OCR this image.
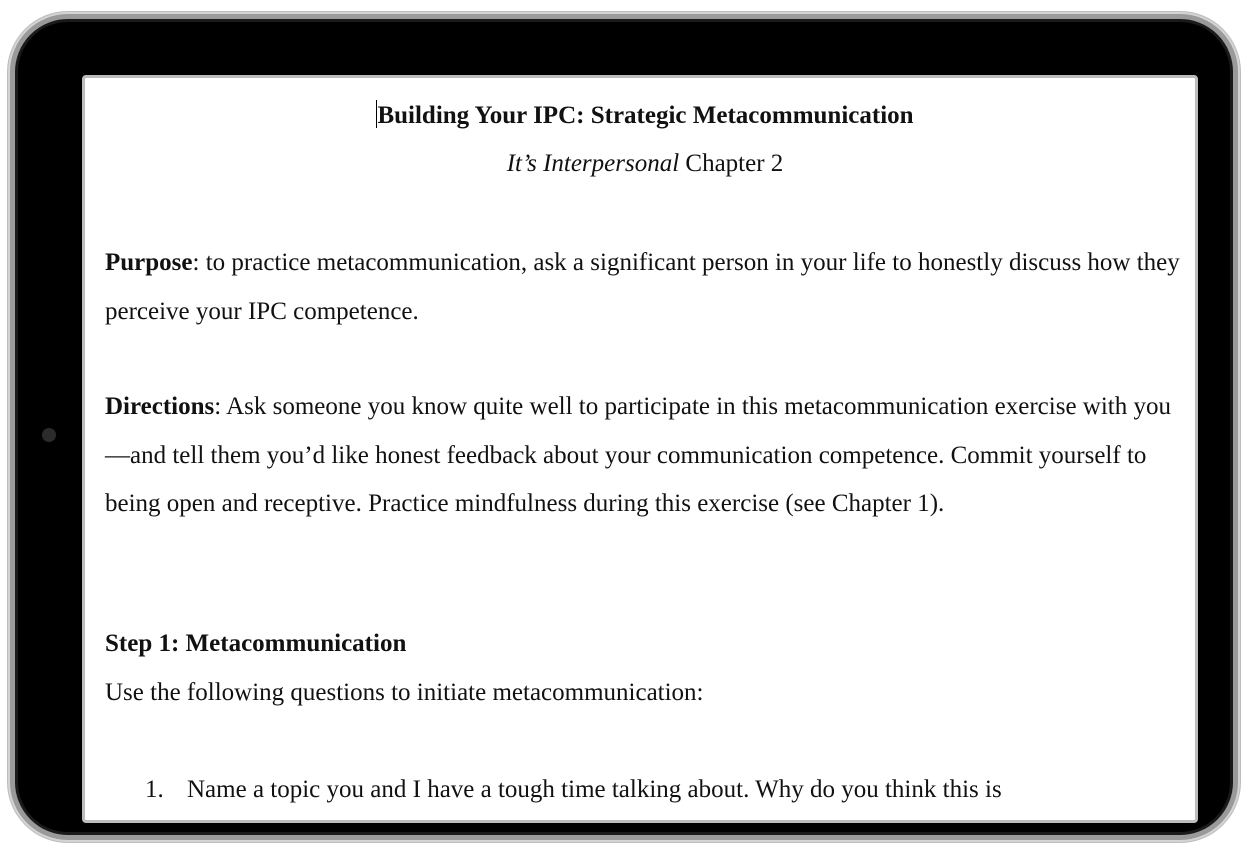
Building Your IPC: Strategic Metacommunication
It’s Interpersonal Chapter 2
Purpose: to practice metacommunication, ask a significant person in your life to honestly discuss how they perceive your IPC competence.
Directions: Ask someone you know quite well to participate in this metacommunication exercise with you—and tell them you’d like honest feedback about your communication competence. Commit yourself to being open and receptive. Practice mindfulness during this exercise (see Chapter 1).
Step 1: Metacommunication
Use the following questions to initiate metacommunication:
1. Name a topic you and I have a tough time talking about. Why do you think this is
